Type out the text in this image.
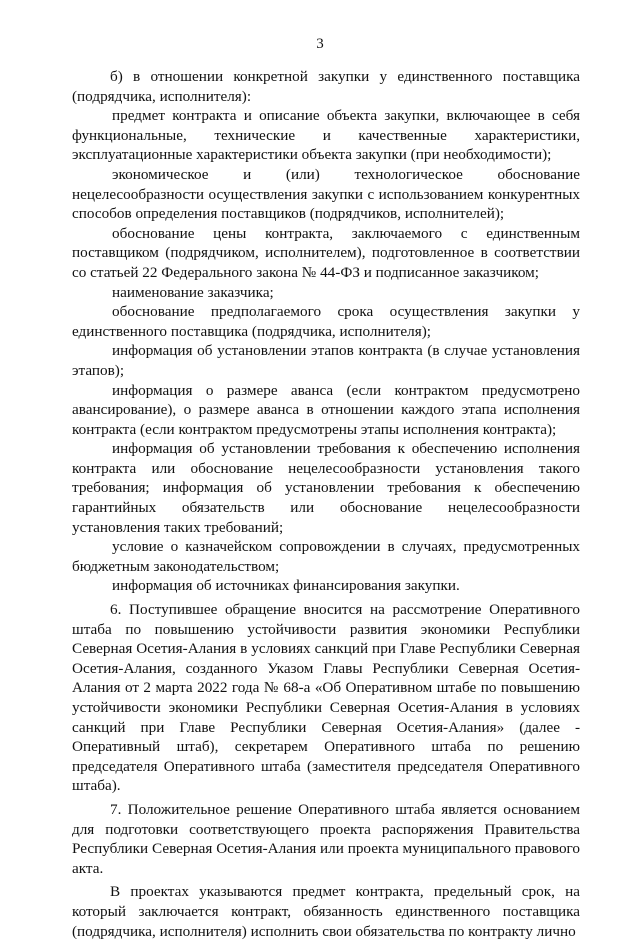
3

б) в отношении конкретной закупки у единственного поставщика (подрядчика, исполнителя):

предмет контракта и описание объекта закупки, включающее в себя функциональные, технические и качественные характеристики, эксплуатационные характеристики объекта закупки (при необходимости);

экономическое и (или) технологическое обоснование нецелесообразности осуществления закупки с использованием конкурентных способов определения поставщиков (подрядчиков, исполнителей);

обоснование цены контракта, заключаемого с единственным поставщиком (подрядчиком, исполнителем), подготовленное в соответствии со статьей 22 Федерального закона № 44-ФЗ и подписанное заказчиком;

наименование заказчика;

обоснование предполагаемого срока осуществления закупки у единственного поставщика (подрядчика, исполнителя);

информация об установлении этапов контракта (в случае установления этапов);

информация о размере аванса (если контрактом предусмотрено авансирование), о размере аванса в отношении каждого этапа исполнения контракта (если контрактом предусмотрены этапы исполнения контракта);

информация об установлении требования к обеспечению исполнения контракта или обоснование нецелесообразности установления такого требования; информация об установлении требования к обеспечению гарантийных обязательств или обоснование нецелесообразности установления таких требований;

условие о казначейском сопровождении в случаях, предусмотренных бюджетным законодательством;

информация об источниках финансирования закупки.

6. Поступившее обращение вносится на рассмотрение Оперативного штаба по повышению устойчивости развития экономики Республики Северная Осетия-Алания в условиях санкций при Главе Республики Северная Осетия-Алания, созданного Указом Главы Республики Северная Осетия-Алания от 2 марта 2022 года № 68-а «Об Оперативном штабе по повышению устойчивости экономики Республики Северная Осетия-Алания в условиях санкций при Главе Республики Северная Осетия-Алания» (далее - Оперативный штаб), секретарем Оперативного штаба по решению председателя Оперативного штаба (заместителя председателя Оперативного штаба).

7. Положительное решение Оперативного штаба является основанием для подготовки соответствующего проекта распоряжения Правительства Республики Северная Осетия-Алания или проекта муниципального правового акта.

В проектах указываются предмет контракта, предельный срок, на который заключается контракт, обязанность единственного поставщика (подрядчика, исполнителя) исполнить свои обязательства по контракту лично
